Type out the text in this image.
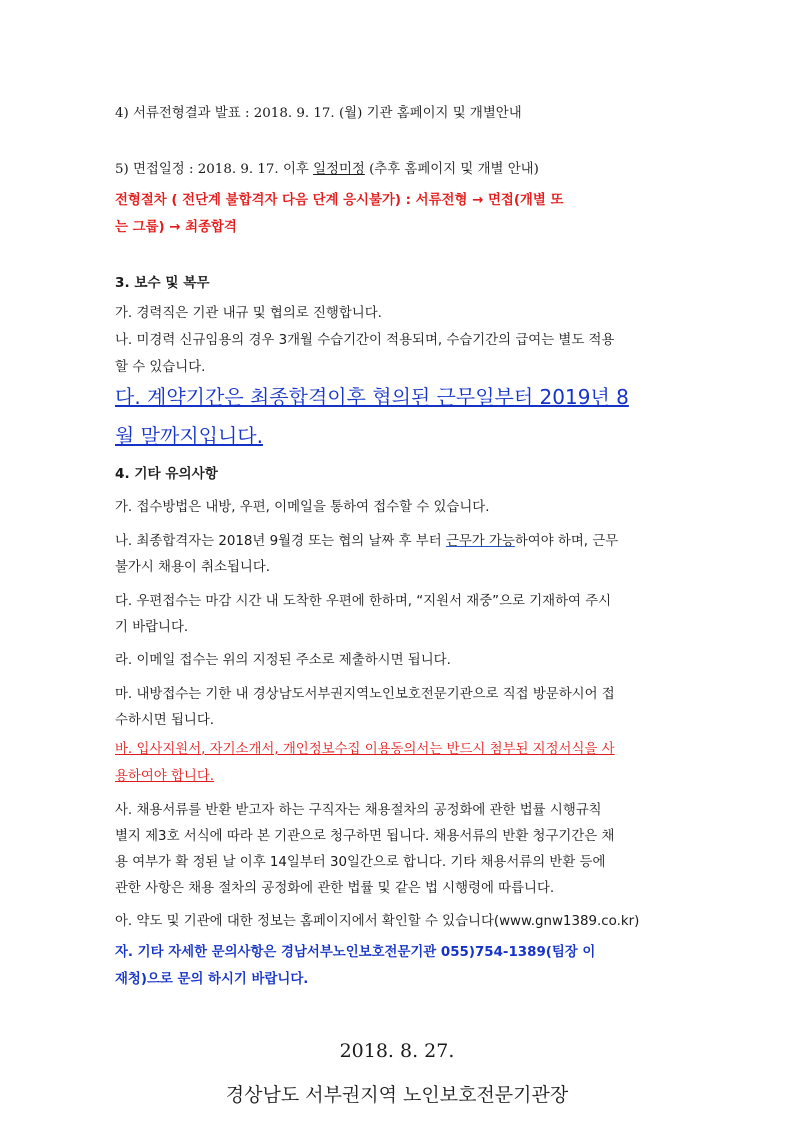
4) 서류전형결과 발표 : 2018. 9. 17. (월) 기관 홈페이지 및 개별안내
5) 면접일정 : 2018. 9. 17. 이후 일정미정 (추후 홈페이지 및 개별 안내)
전형절차 ( 전단계 불합격자 다음 단계 응시불가) : 서류전형 → 면접(개별 또
는 그룹) → 최종합격
3. 보수 및 복무
가. 경력직은 기관 내규 및 협의로 진행합니다.
나. 미경력 신규임용의 경우 3개월 수습기간이 적용되며, 수습기간의 급여는 별도 적용
할 수 있습니다.
다. 계약기간은 최종합격이후 협의된 근무일부터 2019년 8
월 말까지입니다.
4. 기타 유의사항
가. 접수방법은 내방, 우편, 이메일을 통하여 접수할 수 있습니다.
나. 최종합격자는 2018년 9월경 또는 협의 날짜 후 부터 근무가 가능하여야 하며, 근무
불가시 채용이 취소됩니다.
다. 우편접수는 마감 시간 내 도착한 우편에 한하며, “지원서 재중”으로 기재하여 주시
기 바랍니다.
라. 이메일 접수는 위의 지정된 주소로 제출하시면 됩니다.
마. 내방접수는 기한 내 경상남도서부권지역노인보호전문기관으로 직접 방문하시어 접
수하시면 됩니다.
바. 입사지원서, 자기소개서, 개인정보수집 이용동의서는 반드시 첨부된 지정서식을 사
용하여야 합니다.
사. 채용서류를 반환 받고자 하는 구직자는 채용절차의 공정화에 관한 법률 시행규칙
별지 제3호 서식에 따라 본 기관으로 청구하면 됩니다. 채용서류의 반환 청구기간은 채
용 여부가 확 정된 날 이후 14일부터 30일간으로 합니다. 기타 채용서류의 반환 등에
관한 사항은 채용 절차의 공정화에 관한 법률 및 같은 법 시행령에 따릅니다.
아. 약도 및 기관에 대한 정보는 홈페이지에서 확인할 수 있습니다(www.gnw1389.co.kr)
자. 기타 자세한 문의사항은 경남서부노인보호전문기관 055)754-1389(팀장 이
재청)으로 문의 하시기 바랍니다.
2018. 8. 27.
경상남도 서부권지역 노인보호전문기관장
